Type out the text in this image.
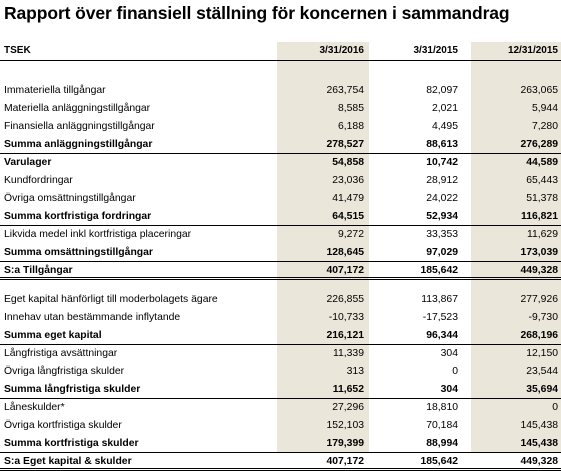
Rapport över finansiell ställning för koncernen i sammandrag
TSEK	3/31/2016	3/31/2015	12/31/2015
Immateriella tillgångar	263,754	82,097	263,065
Materiella anläggningstillgångar	8,585	2,021	5,944
Finansiella anläggningstillgångar	6,188	4,495	7,280
Summa anläggningstillgångar	278,527	88,613	276,289
Varulager	54,858	10,742	44,589
Kundfordringar	23,036	28,912	65,443
Övriga omsättningstillgångar	41,479	24,022	51,378
Summa kortfristiga fordringar	64,515	52,934	116,821
Likvida medel inkl kortfristiga placeringar	9,272	33,353	11,629
Summa omsättningstillgångar	128,645	97,029	173,039
S:a Tillgångar	407,172	185,642	449,328
Eget kapital hänförligt till moderbolagets ägare	226,855	113,867	277,926
Innehav utan bestämmande inflytande	-10,733	-17,523	-9,730
Summa eget kapital	216,121	96,344	268,196
Långfristiga avsättningar	11,339	304	12,150
Övriga långfristiga skulder	313	0	23,544
Summa långfristiga skulder	11,652	304	35,694
Låneskulder*	27,296	18,810	0
Övriga kortfristiga skulder	152,103	70,184	145,438
Summa kortfristiga skulder	179,399	88,994	145,438
S:a Eget kapital & skulder	407,172	185,642	449,328
